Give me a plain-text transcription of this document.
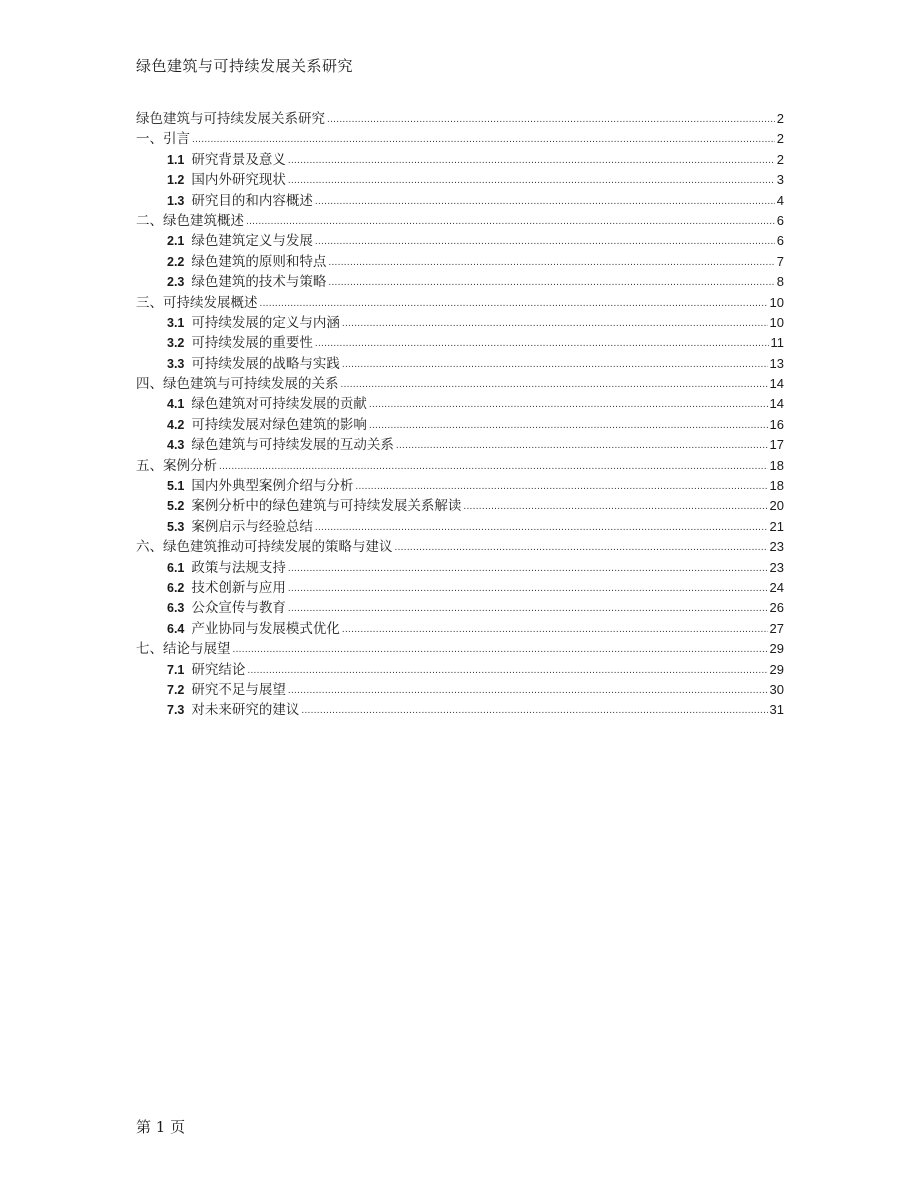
绿色建筑与可持续发展关系研究
绿色建筑与可持续发展关系研究 .....	2
一、引言 .....	2
1.1 研究背景及意义 .....	2
1.2 国内外研究现状 .....	3
1.3 研究目的和内容概述 .....	4
二、绿色建筑概述 .....	6
2.1 绿色建筑定义与发展 .....	6
2.2 绿色建筑的原则和特点 .....	7
2.3 绿色建筑的技术与策略 .....	8
三、可持续发展概述 .....	10
3.1 可持续发展的定义与内涵 .....	10
3.2 可持续发展的重要性 .....	11
3.3 可持续发展的战略与实践 .....	13
四、绿色建筑与可持续发展的关系 .....	14
4.1 绿色建筑对可持续发展的贡献 .....	14
4.2 可持续发展对绿色建筑的影响 .....	16
4.3 绿色建筑与可持续发展的互动关系 .....	17
五、案例分析 .....	18
5.1 国内外典型案例介绍与分析 .....	18
5.2 案例分析中的绿色建筑与可持续发展关系解读 .....	20
5.3 案例启示与经验总结 .....	21
六、绿色建筑推动可持续发展的策略与建议 .....	23
6.1 政策与法规支持 .....	23
6.2 技术创新与应用 .....	24
6.3 公众宣传与教育 .....	26
6.4 产业协同与发展模式优化 .....	27
七、结论与展望 .....	29
7.1 研究结论 .....	29
7.2 研究不足与展望 .....	30
7.3 对未来研究的建议 .....	31
第 1 页
